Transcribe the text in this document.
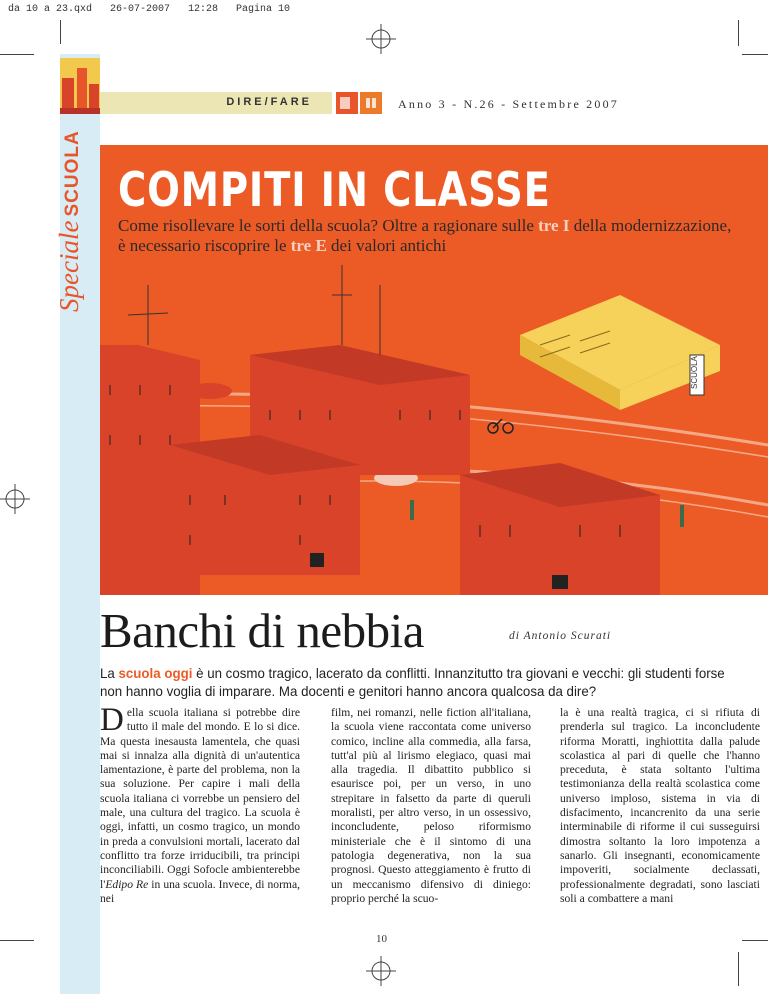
da 10 a 23.qxd   26-07-2007   12:28   Pagina 10
Speciale SCUOLA
DIRE/FARE	Anno 3 - N.26 - Settembre 2007
SCUOLA
COMPITI IN CLASSE
Come risollevare le sorti della scuola? Oltre a ragionare sulle tre I della modernizzazione, è necessario riscoprire le tre E dei valori antichi
Banchi di nebbia	di Antonio Scurati
La scuola oggi è un cosmo tragico, lacerato da conflitti. Innanzitutto tra giovani e vecchi: gli studenti forse non hanno voglia di imparare. Ma docenti e genitori hanno ancora qualcosa da dire?
Della scuola italiana si potrebbe dire tutto il male del mondo. E lo si dice. Ma questa inesausta lamentela, che quasi mai si innalza alla dignità di un'autentica lamentazione, è parte del problema, non la sua soluzione. Per capire i mali della scuola italiana ci vorrebbe un pensiero del male, una cultura del tragico. La scuola è oggi, infatti, un cosmo tragico, un mondo in preda a convulsioni mortali, lacerato dal conflitto tra forze irriducibili, tra principi inconciliabili. Oggi Sofocle ambienterebbe l'Edipo Re in una scuola. Invece, di norma, nei
film, nei romanzi, nelle fiction all'italiana, la scuola viene raccontata come universo comico, incline alla commedia, alla farsa, tutt'al più al lirismo elegiaco, quasi mai alla tragedia. Il dibattito pubblico si esaurisce poi, per un verso, in uno strepitare in falsetto da parte di queruli moralisti, per altro verso, in un ossessivo, inconcludente, peloso riformismo ministeriale che è il sintomo di una patologia degenerativa, non la sua prognosi. Questo atteggiamento è frutto di un meccanismo difensivo di diniego: proprio perché la scuo-
la è una realtà tragica, ci si rifiuta di prenderla sul tragico. La inconcludente riforma Moratti, inghiottita dalla palude scolastica al pari di quelle che l'hanno preceduta, è stata soltanto l'ultima testimonianza della realtà scolastica come universo imploso, sistema in via di disfacimento, incancrenito da una serie interminabile di riforme il cui susseguirsi dimostra soltanto la loro impotenza a sanarlo. Gli insegnanti, economicamente impoveriti, socialmente declassati, professionalmente degradati, sono lasciati soli a combattere a mani
10
